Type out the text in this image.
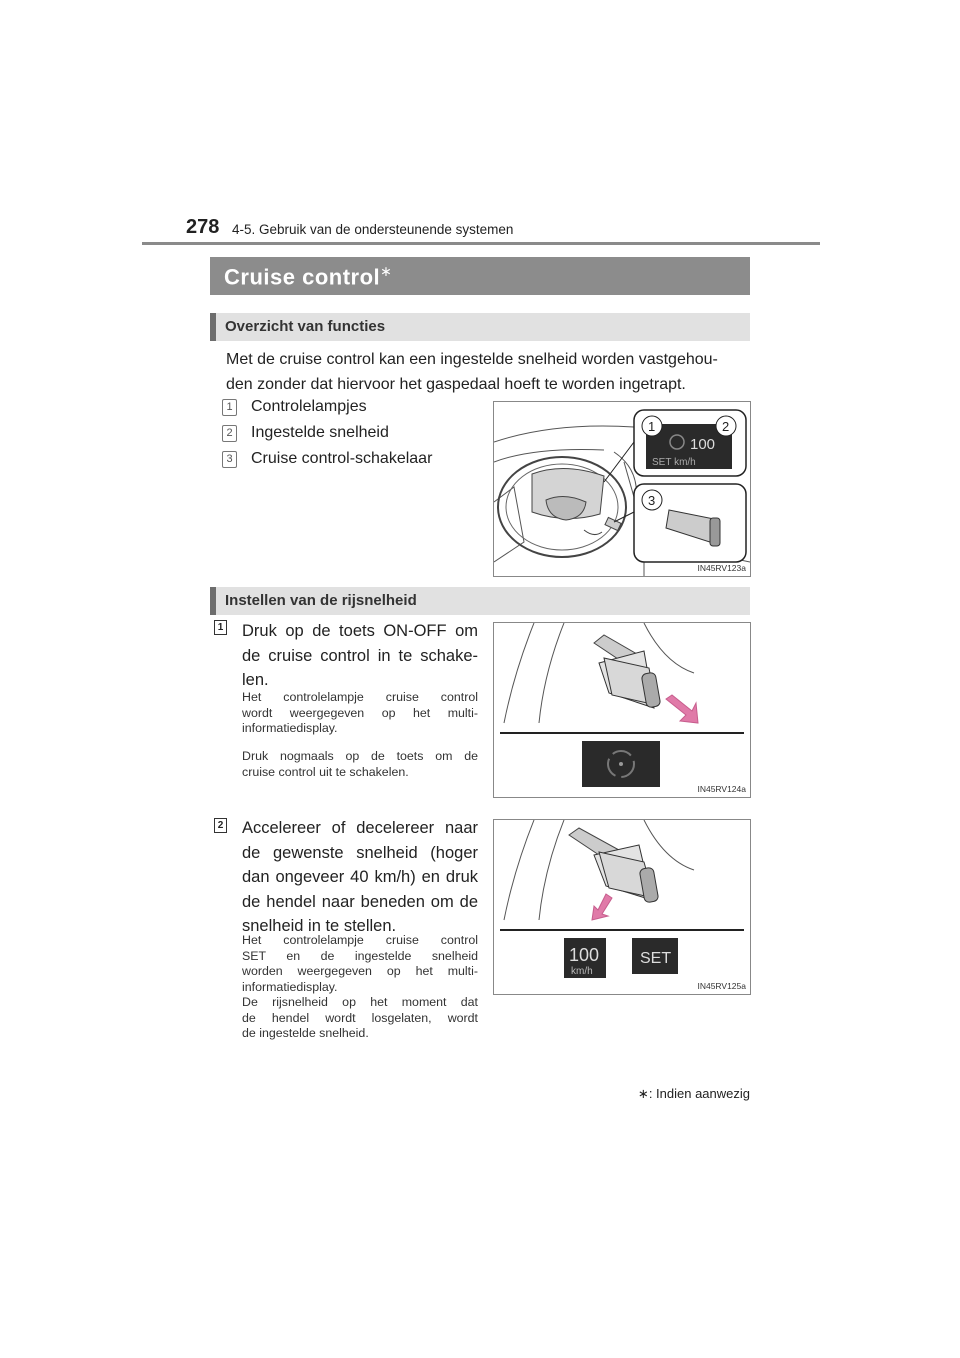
278 4-5. Gebruik van de ondersteunende systemen
Cruise control∗
Overzicht van functies
Met de cruise control kan een ingestelde snelheid worden vastgehou-
den zonder dat hiervoor het gaspedaal hoeft te worden ingetrapt.
1 Controlelampjes
2 Ingestelde snelheid
3 Cruise control-schakelaar
100
SET km/h
1	2
3
IN45RV123a
Instellen van de rijsnelheid
1 Druk op de toets ON-OFF om
de cruise control in te schake-
len.
Het controlelampje cruise control
wordt weergegeven op het multi-
informatiedisplay.
Druk nogmaals op de toets om de
cruise control uit te schakelen.
IN45RV124a
2 Accelereer of decelereer naar
de gewenste snelheid (hoger
dan ongeveer 40 km/h) en druk
de hendel naar beneden om de
snelheid in te stellen.
Het controlelampje cruise control
SET en de ingestelde snelheid
worden weergegeven op het multi-
informatiedisplay.
De rijsnelheid op het moment dat
de hendel wordt losgelaten, wordt
de ingestelde snelheid.
100
km/h
SET
IN45RV125a
∗: Indien aanwezig
